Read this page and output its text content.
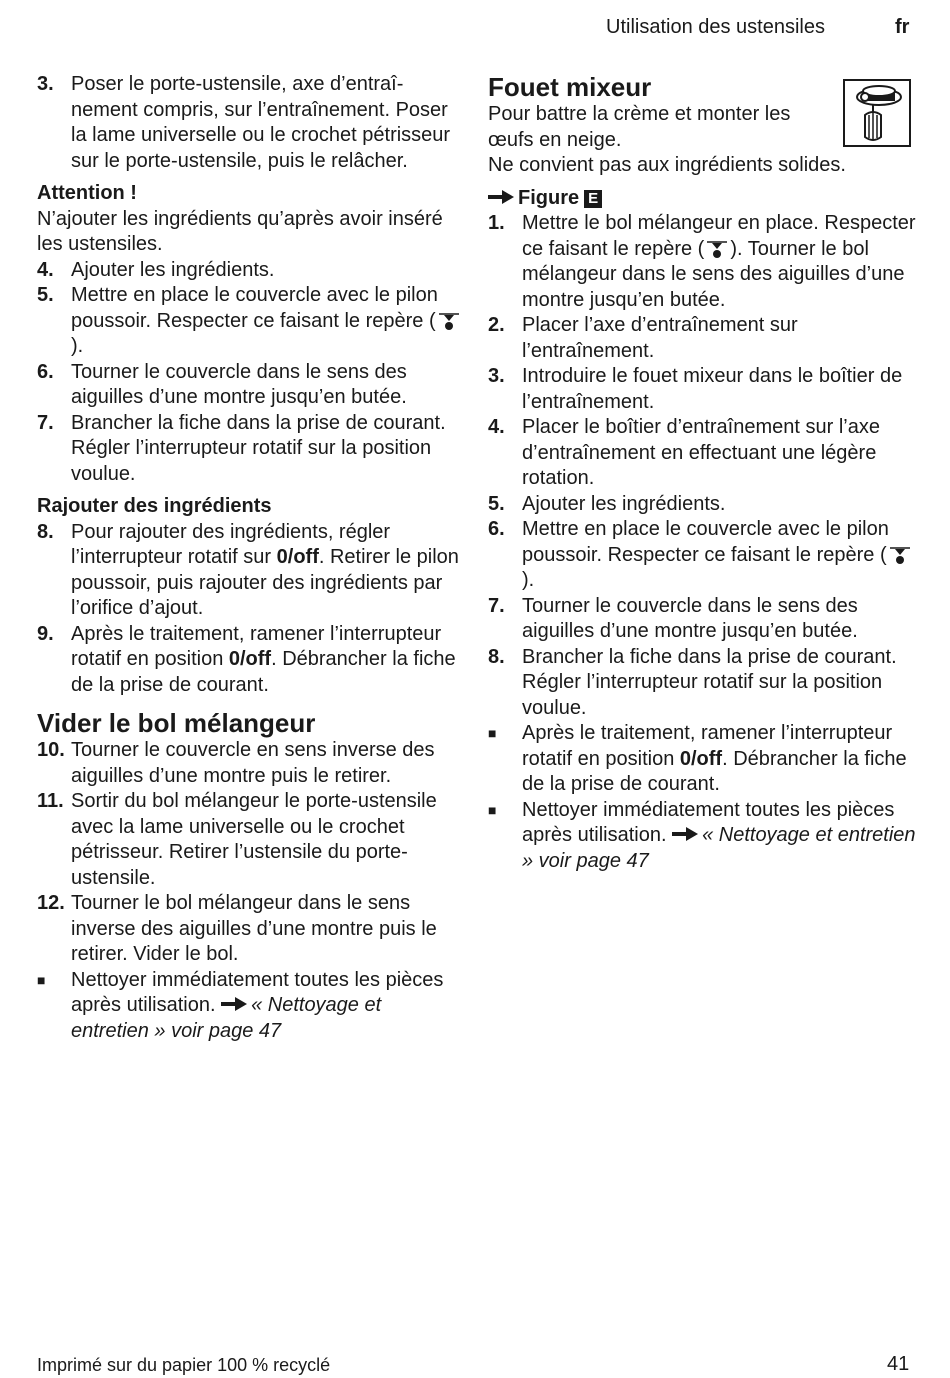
Utilisation des ustensiles	fr
3. Poser le porte-ustensile, axe d’entraînement compris, sur l’entraînement. Poser la lame universelle ou le crochet pétrisseur sur le porte-ustensile, puis le relâcher.
Attention !
N’ajouter les ingrédients qu’après avoir inséré les ustensiles.
4. Ajouter les ingrédients.
5. Mettre en place le couvercle avec le pilon poussoir. Respecter ce faisant le repère ().
6. Tourner le couvercle dans le sens des aiguilles d’une montre jusqu’en butée.
7. Brancher la fiche dans la prise de courant. Régler l’interrupteur rotatif sur la position voulue.
Rajouter des ingrédients
8. Pour rajouter des ingrédients, régler l’interrupteur rotatif sur 0/off. Retirer le pilon poussoir, puis rajouter des ingrédients par l’orifice d’ajout.
9. Après le traitement, ramener l’interrupteur rotatif en position 0/off. Débrancher la fiche de la prise de courant.
Vider le bol mélangeur
10. Tourner le couvercle en sens inverse des aiguilles d’une montre puis le retirer.
11. Sortir du bol mélangeur le porte-ustensile avec la lame universelle ou le crochet pétrisseur. Retirer l’ustensile du porte-ustensile.
12. Tourner le bol mélangeur dans le sens inverse des aiguilles d’une montre puis le retirer. Vider le bol.
■	Nettoyer immédiatement toutes les pièces après utilisation. « Nettoyage et entretien » voir page 47
Fouet mixeur
Pour battre la crème et monter les œufs en neige.
Ne convient pas aux ingrédients solides.
Figure E
1. Mettre le bol mélangeur en place. Respecter ce faisant le repère ( ). Tourner le bol mélangeur dans le sens des aiguilles d’une montre jusqu’en butée.
2. Placer l’axe d’entraînement sur l’entraînement.
3. Introduire le fouet mixeur dans le boîtier de l’entraînement.
4. Placer le boîtier d’entraînement sur l’axe d’entraînement en effectuant une légère rotation.
5. Ajouter les ingrédients.
6. Mettre en place le couvercle avec le pilon poussoir. Respecter ce faisant le repère ().
7. Tourner le couvercle dans le sens des aiguilles d’une montre jusqu’en butée.
8. Brancher la fiche dans la prise de courant. Régler l’interrupteur rotatif sur la position voulue.
■	Après le traitement, ramener l’interrupteur rotatif en position 0/off. Débrancher la fiche de la prise de courant.
■	Nettoyer immédiatement toutes les pièces après utilisation. « Nettoyage et entretien » voir page 47
Imprimé sur du papier 100 % recyclé	41
